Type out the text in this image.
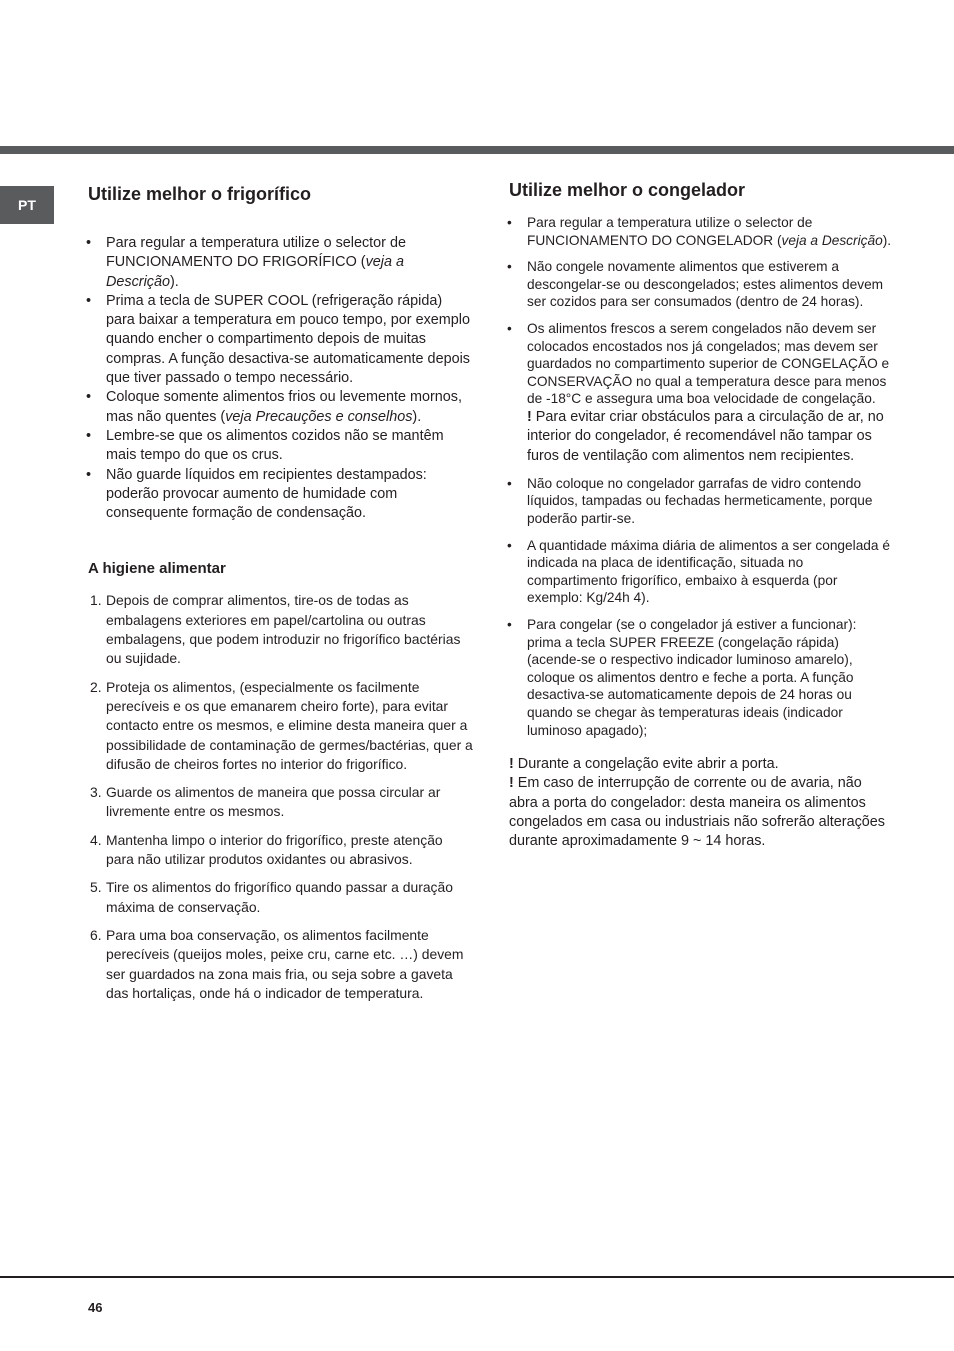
PT
Utilize melhor o frigorífico
• Para regular a temperatura utilize o selector de FUNCIONAMENTO DO FRIGORÍFICO (veja a Descrição).
• Prima a tecla de SUPER COOL (refrigeração rápida) para baixar a temperatura em pouco tempo, por exemplo quando encher o compartimento depois de muitas compras. A função desactiva-se automaticamente depois que tiver passado o tempo necessário.
• Coloque somente alimentos frios ou levemente mornos, mas não quentes (veja Precauções e conselhos).
• Lembre-se que os alimentos cozidos não se mantêm mais tempo do que os crus.
• Não guarde líquidos em recipientes destampados: poderão provocar aumento de humidade com consequente formação de condensação.
A higiene alimentar
1. Depois de comprar alimentos, tire-os de todas as embalagens exteriores em papel/cartolina ou outras embalagens, que podem introduzir no frigorífico bactérias ou sujidade.
2. Proteja os alimentos, (especialmente os facilmente perecíveis e os que emanarem cheiro forte), para evitar contacto entre os mesmos, e elimine desta maneira quer a possibilidade de contaminação de germes/bactérias, quer a difusão de cheiros fortes no interior do frigorífico.
3. Guarde os alimentos de maneira que possa circular ar livremente entre os mesmos.
4. Mantenha limpo o interior do frigorífico, preste atenção para não utilizar produtos oxidantes ou abrasivos.
5. Tire os alimentos do frigorífico quando passar a duração máxima de conservação.
6. Para uma boa conservação, os alimentos facilmente perecíveis (queijos moles, peixe cru, carne etc. …) devem ser guardados na zona mais fria, ou seja sobre a gaveta das hortaliças, onde há o indicador de temperatura.
Utilize melhor o congelador
• Para regular a temperatura utilize o selector de FUNCIONAMENTO DO CONGELADOR (veja a Descrição).
• Não congele novamente alimentos que estiverem a descongelar-se ou descongelados; estes alimentos devem ser cozidos para ser consumados (dentro de 24 horas).
• Os alimentos frescos a serem congelados não devem ser colocados encostados nos já congelados; mas devem ser guardados no compartimento superior de CONGELAÇÃO e CONSERVAÇÃO no qual a temperatura desce para menos de -18°C e assegura uma boa velocidade de congelação.
! Para evitar criar obstáculos para a circulação de ar, no interior do congelador, é recomendável não tampar os furos de ventilação com alimentos nem recipientes.
• Não coloque no congelador garrafas de vidro contendo líquidos, tampadas ou fechadas hermeticamente, porque poderão partir-se.
• A quantidade máxima diária de alimentos a ser congelada é indicada na placa de identificação, situada no compartimento frigorífico, embaixo à esquerda (por exemplo: Kg/24h 4).
• Para congelar (se o congelador já estiver a funcionar): prima a tecla SUPER FREEZE (congelação rápida) (acende-se o respectivo indicador luminoso amarelo), coloque os alimentos dentro e feche a porta. A função desactiva-se automaticamente depois de 24 horas ou quando se chegar às temperaturas ideais (indicador luminoso apagado);
! Durante a congelação evite abrir a porta.
! Em caso de interrupção de corrente ou de avaria, não abra a porta do congelador: desta maneira os alimentos congelados em casa ou industriais não sofrerão alterações durante aproximadamente 9 ~ 14 horas.
46
